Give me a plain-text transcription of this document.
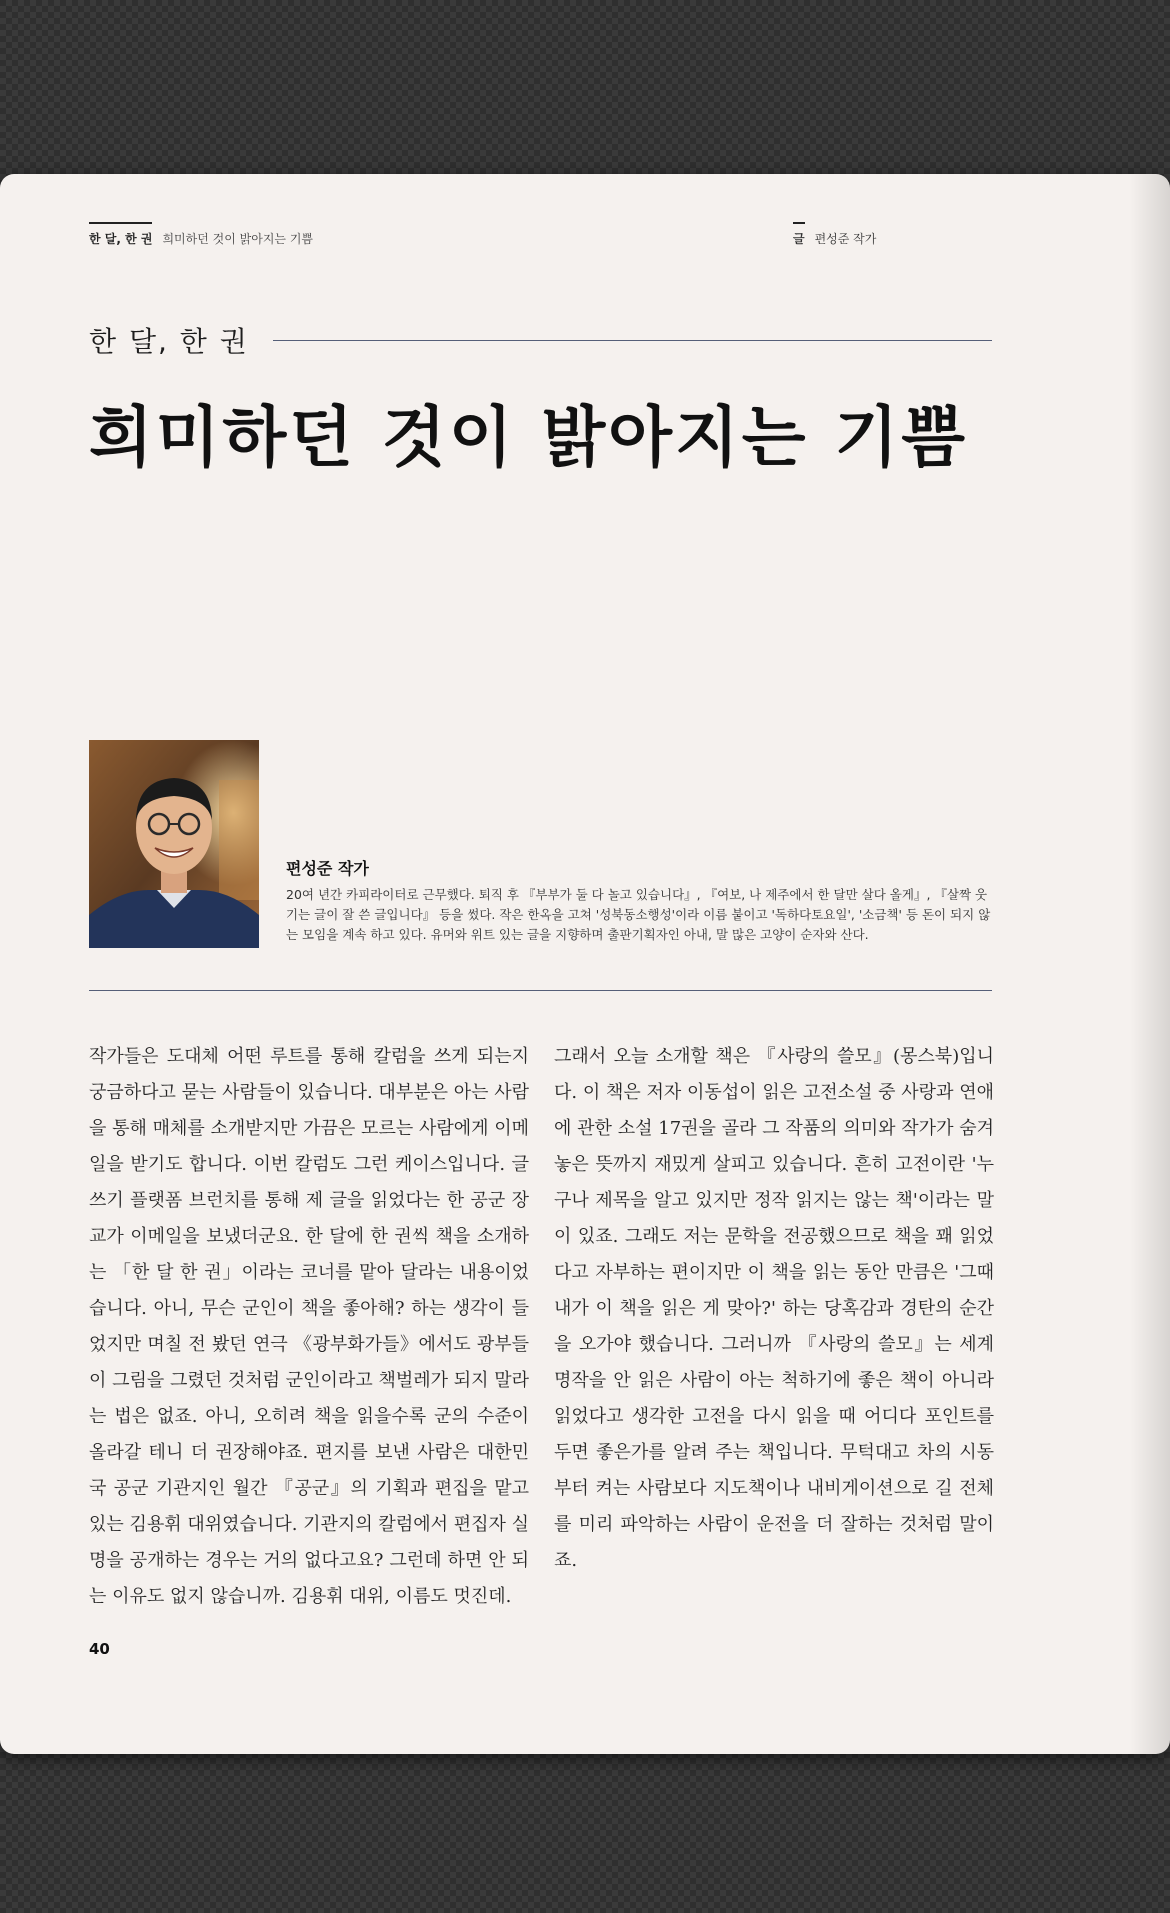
한 달, 한 권 희미하던 것이 밝아지는 기쁨	글 편성준 작가
한 달, 한 권
희미하던 것이 밝아지는 기쁨
편성준 작가
20여 년간 카피라이터로 근무했다. 퇴직 후 『부부가 둘 다 놀고 있습니다』, 『여보, 나 제주에서 한 달만 살다 올게』, 『살짝 웃기는 글이 잘 쓴 글입니다』 등을 썼다. 작은 한옥을 고쳐 '성북동소행성'이라 이름 붙이고 '독하다토요일', '소금책' 등 돈이 되지 않는 모임을 계속 하고 있다. 유머와 위트 있는 글을 지향하며 출판기획자인 아내, 말 많은 고양이 순자와 산다.
작가들은 도대체 어떤 루트를 통해 칼럼을 쓰게 되는지 궁금하다고 묻는 사람들이 있습니다. 대부분은 아는 사람을 통해 매체를 소개받지만 가끔은 모르는 사람에게 이메일을 받기도 합니다. 이번 칼럼도 그런 케이스입니다. 글쓰기 플랫폼 브런치를 통해 제 글을 읽었다는 한 공군 장교가 이메일을 보냈더군요. 한 달에 한 권씩 책을 소개하는 「한 달 한 권」이라는 코너를 맡아 달라는 내용이었습니다. 아니, 무슨 군인이 책을 좋아해? 하는 생각이 들었지만 며칠 전 봤던 연극 《광부화가들》에서도 광부들이 그림을 그렸던 것처럼 군인이라고 책벌레가 되지 말라는 법은 없죠. 아니, 오히려 책을 읽을수록 군의 수준이 올라갈 테니 더 권장해야죠. 편지를 보낸 사람은 대한민국 공군 기관지인 월간 『공군』의 기획과 편집을 맡고 있는 김용휘 대위였습니다. 기관지의 칼럼에서 편집자 실명을 공개하는 경우는 거의 없다고요? 그런데 하면 안 되는 이유도 없지 않습니까. 김용휘 대위, 이름도 멋진데.
그래서 오늘 소개할 책은 『사랑의 쓸모』(몽스북)입니다. 이 책은 저자 이동섭이 읽은 고전소설 중 사랑과 연애에 관한 소설 17권을 골라 그 작품의 의미와 작가가 숨겨놓은 뜻까지 재밌게 살피고 있습니다. 흔히 고전이란 '누구나 제목을 알고 있지만 정작 읽지는 않는 책'이라는 말이 있죠. 그래도 저는 문학을 전공했으므로 책을 꽤 읽었다고 자부하는 편이지만 이 책을 읽는 동안 만큼은 '그때 내가 이 책을 읽은 게 맞아?' 하는 당혹감과 경탄의 순간을 오가야 했습니다. 그러니까 『사랑의 쓸모』는 세계 명작을 안 읽은 사람이 아는 척하기에 좋은 책이 아니라 읽었다고 생각한 고전을 다시 읽을 때 어디다 포인트를 두면 좋은가를 알려 주는 책입니다. 무턱대고 차의 시동부터 켜는 사람보다 지도책이나 내비게이션으로 길 전체를 미리 파악하는 사람이 운전을 더 잘하는 것처럼 말이죠.
40
